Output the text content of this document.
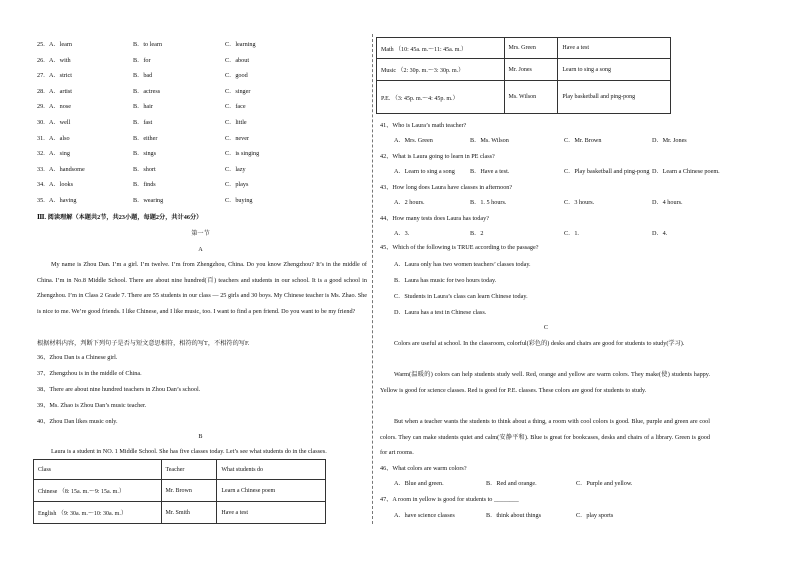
25. A．learn	B．to learn	C．learning
26. A．with	B．for	C．about
27. A．strict	B．bad	C．good
28. A．artist	B．actress	C．singer
29. A．nose	B．hair	C．face
30. A．well	B．fast	C．little
31. A．also	B．either	C．never
32. A．sing	B．sings	C．is singing
33. A．handsome	B．short	C．lazy
34. A．looks	B．finds	C．plays
35. A．having	B．wearing	C．buying
Ⅲ. 阅读理解（本题共2节，共23小题，每题2分，共计46分）
第一节
A
My name is Zhou Dan. I’m a girl. I’m twelve. I’m from Zhengzhou, China. Do you know Zhengzhou? It’s in the middle of China. I’m in No.8 Middle School. There are about nine hundred(百) teachers and students in our school. It is a good school in Zhengzhou. I’m in Class 2 Grade 7. There are 55 students in our class — 25 girls and 30 boys. My Chinese teacher is Ms. Zhao. She is nice to me. We’re good friends. I like Chinese, and I like music, too. I want to find a pen friend. Do you want to be my friend?
根据材料内容，判断下列句子是否与短文意思相符，相符的写T，不相符的写F.
36、Zhou Dan is a Chinese girl.
37、Zhengzhou is in the middle of China.
38、There are about nine hundred teachers in Zhou Dan’s school.
39、Ms. Zhao is Zhou Dan’s music teacher.
40、Zhou Dan likes music only.
B
Laura is a student in NO. 1 Middle School. She has five classes today. Let’s see what students do in the classes.
Class	Teacher	What students do
Chinese （8: 15a. m.～9: 15a. m.）	Mr. Brown	Learn a Chinese poem
English （9: 30a. m.～10: 30a. m.）	Mr. Smith	Have a test
Math （10: 45a. m.～11: 45a. m.）	Mrs. Green	Have a test
Music （2: 30p. m.～3: 30p. m.）	Mr. Jones	Learn to sing a song
P.E. （3: 45p. m.～4: 45p. m.）	Ms. Wilson	Play basketball and ping-pong
41、Who is Laura’s math teacher?
A．Mrs. Green	B．Ms. Wilson	C．Mr. Brown	D．Mr. Jones
42、What is Laura going to learn in PE class?
A．Learn to sing a song B．Have a test.	C．Play basketball and ping-pong D．Learn a Chinese poem.
43、How long does Laura have classes in afternoon?
A．2 hours.	B．1. 5 hours.	C．3 hours.	D．4 hours.
44、How many tests does Laura has today?
A．3.	B．2	C．1.	D．4.
45、Which of the following is TRUE according to the passage?
A．Laura only has two women teachers’ classes today.
B．Laura has music for two hours today.
C．Students in Laura’s class can learn Chinese today.
D．Laura has a test in Chinese class.
C
Colors are useful at school. In the classroom, colorful(彩色的) desks and chairs are good for students to study(学习).
Warm(温暖的) colors can help students study well. Red, orange and yellow are warm colors. They make(使) students happy. Yellow is good for science classes. Red is good for P.E. classes. These colors are good for students to study.
But when a teacher wants the students to think about a thing, a room with cool colors is good. Blue, purple and green are cool colors. They can make students quiet and calm(安静平和). Blue is great for bookcases, desks and chairs of a library. Green is good for art rooms.
46、What colors are warm colors?
A．Blue and green.	B．Red and orange.	C．Purple and yellow.
47、A room in yellow is good for students to ________
A．have science classes	B．think about things	C．play sports
